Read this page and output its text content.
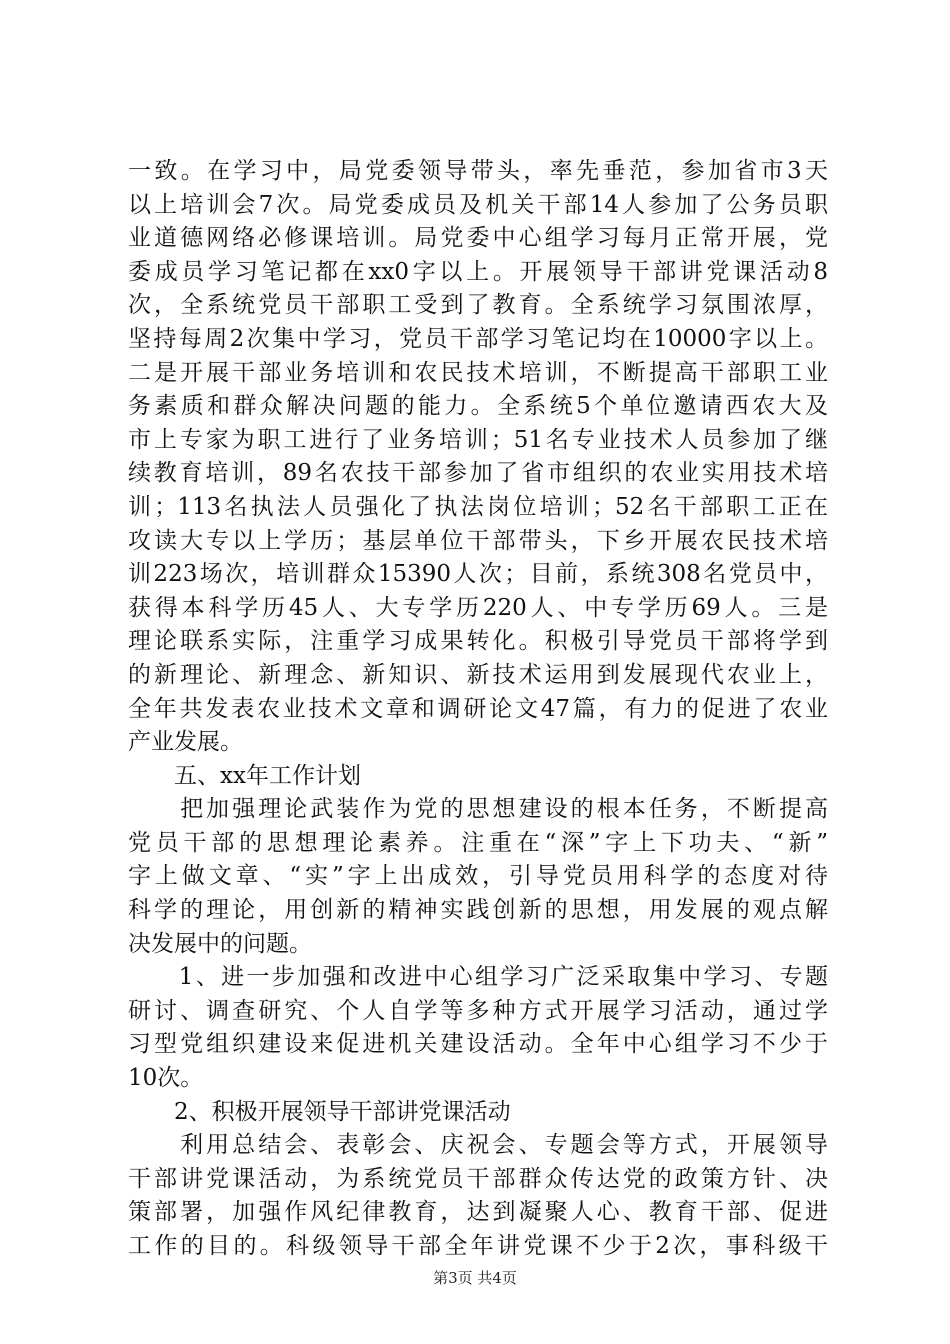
一致。在学习中，局党委领导带头，率先垂范，参加省市3天
以上培训会7次。局党委成员及机关干部14人参加了公务员职
业道德网络必修课培训。局党委中心组学习每月正常开展，党
委成员学习笔记都在xx0字以上。开展领导干部讲党课活动8
次，全系统党员干部职工受到了教育。全系统学习氛围浓厚，
坚持每周2次集中学习，党员干部学习笔记均在10000字以上。
二是开展干部业务培训和农民技术培训，不断提高干部职工业
务素质和群众解决问题的能力。全系统5个单位邀请西农大及
市上专家为职工进行了业务培训；51名专业技术人员参加了继
续教育培训，89名农技干部参加了省市组织的农业实用技术培
训；113名执法人员强化了执法岗位培训；52名干部职工正在
攻读大专以上学历；基层单位干部带头，下乡开展农民技术培
训223场次，培训群众15390人次；目前，系统308名党员中，
获得本科学历45人、大专学历220人、中专学历69人。三是
理论联系实际，注重学习成果转化。积极引导党员干部将学到
的新理论、新理念、新知识、新技术运用到发展现代农业上，
全年共发表农业技术文章和调研论文47篇，有力的促进了农业
产业发展。
　　五、xx年工作计划
　　把加强理论武装作为党的思想建设的根本任务，不断提高
党员干部的思想理论素养。注重在“深”字上下功夫、“新”
字上做文章、“实”字上出成效，引导党员用科学的态度对待
科学的理论，用创新的精神实践创新的思想，用发展的观点解
决发展中的问题。
　　1、进一步加强和改进中心组学习广泛采取集中学习、专题
研讨、调查研究、个人自学等多种方式开展学习活动，通过学
习型党组织建设来促进机关建设活动。全年中心组学习不少于
10次。
　　2、积极开展领导干部讲党课活动
　　利用总结会、表彰会、庆祝会、专题会等方式，开展领导
干部讲党课活动，为系统党员干部群众传达党的政策方针、决
策部署，加强作风纪律教育，达到凝聚人心、教育干部、促进
工作的目的。科级领导干部全年讲党课不少于2次，事科级干
第3页 共4页
